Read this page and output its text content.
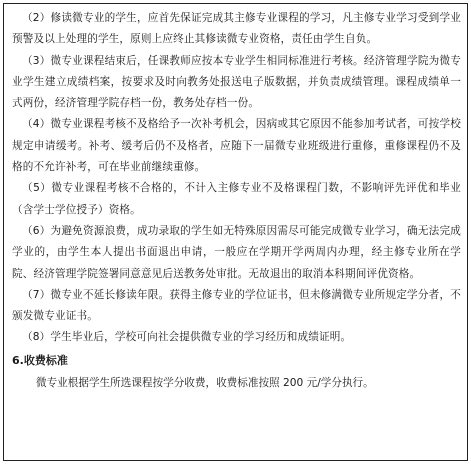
（2）修读微专业的学生，应首先保证完成其主修专业课程的学习，凡主修专业学习受到学业预警及以上处理的学生，原则上应终止其修读微专业资格，责任由学生自负。

（3）微专业课程结束后，任课教师应按本专业学生相同标准进行考核。经济管理学院为微专业学生建立成绩档案，按要求及时向教务处报送电子版数据，并负责成绩管理。课程成绩单一式两份，经济管理学院存档一份，教务处存档一份。

（4）微专业课程考核不及格给予一次补考机会，因病或其它原因不能参加考试者，可按学校规定申请缓考。补考、缓考后仍不及格者，应随下一届微专业班级进行重修，重修课程仍不及格的不允许补考，可在毕业前继续重修。

（5）微专业课程考核不合格的，不计入主修专业不及格课程门数，不影响评先评优和毕业（含学士学位授予）资格。

（6）为避免资源浪费，成功录取的学生如无特殊原因需尽可能完成微专业学习，确无法完成学业的，由学生本人提出书面退出申请，一般应在学期开学两周内办理，经主修专业所在学院、经济管理学院签署同意意见后送教务处审批。无故退出的取消本科期间评优资格。

（7）微专业不延长修读年限。获得主修专业的学位证书，但未修满微专业所规定学分者，不颁发微专业证书。

（8）学生毕业后，学校可向社会提供微专业的学习经历和成绩证明。

6.收费标准
微专业根据学生所选课程按学分收费，收费标准按照 200 元/学分执行。
